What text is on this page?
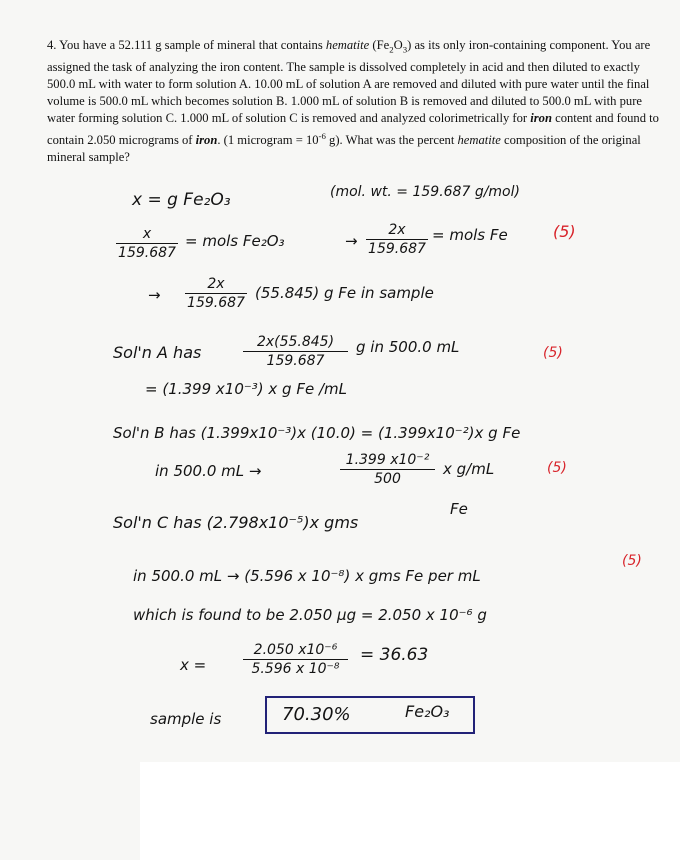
4. You have a 52.111 g sample of mineral that contains hematite $(Fe_2O_3)$ as its only iron-containing component. You are assigned the task of analyzing the iron content. The sample is dissolved completely in acid and then diluted to exactly 500.0 mL with water to form solution A. 10.00 mL of solution A are removed and diluted with pure water until the final volume is 500.0 mL which becomes solution B. 1.000 mL of solution B is removed and diluted to 500.0 mL with pure water forming solution C. 1.000 mL of solution C is removed and analyzed colorimetrically for iron content and found to contain 2.050 micrograms of iron. (1 microgram = $10^{-6}$ g). What was the percent hematite composition of the original mineral sample?

x = g Fe₂O₃	(mol. wt. = 159.687 g/mol)
x
159.687
= mols Fe₂O₃	→
2x
159.687
= mols Fe	(5)
→
2x
159.687
(55.845) g Fe in sample
Sol'n A has
2x(55.845)
159.687
g in 500.0 mL	(5)
= (1.399 x10⁻³) x g Fe /mL
Sol'n B has (1.399x10⁻³)x (10.0) = (1.399x10⁻²)x g Fe
in 500.0 mL →
1.399 x10⁻²
500
x g/mL	(5)
Sol'n C has (2.798x10⁻⁵)x gms
Fe
in 500.0 mL → (5.596 x 10⁻⁸) x gms Fe per mL
(5)
which is found to be 2.050 μg = 2.050 x 10⁻⁶ g
x =
2.050 x10⁻⁶
5.596 x 10⁻⁸
= 36.63
sample is	70.30%	Fe₂O₃
